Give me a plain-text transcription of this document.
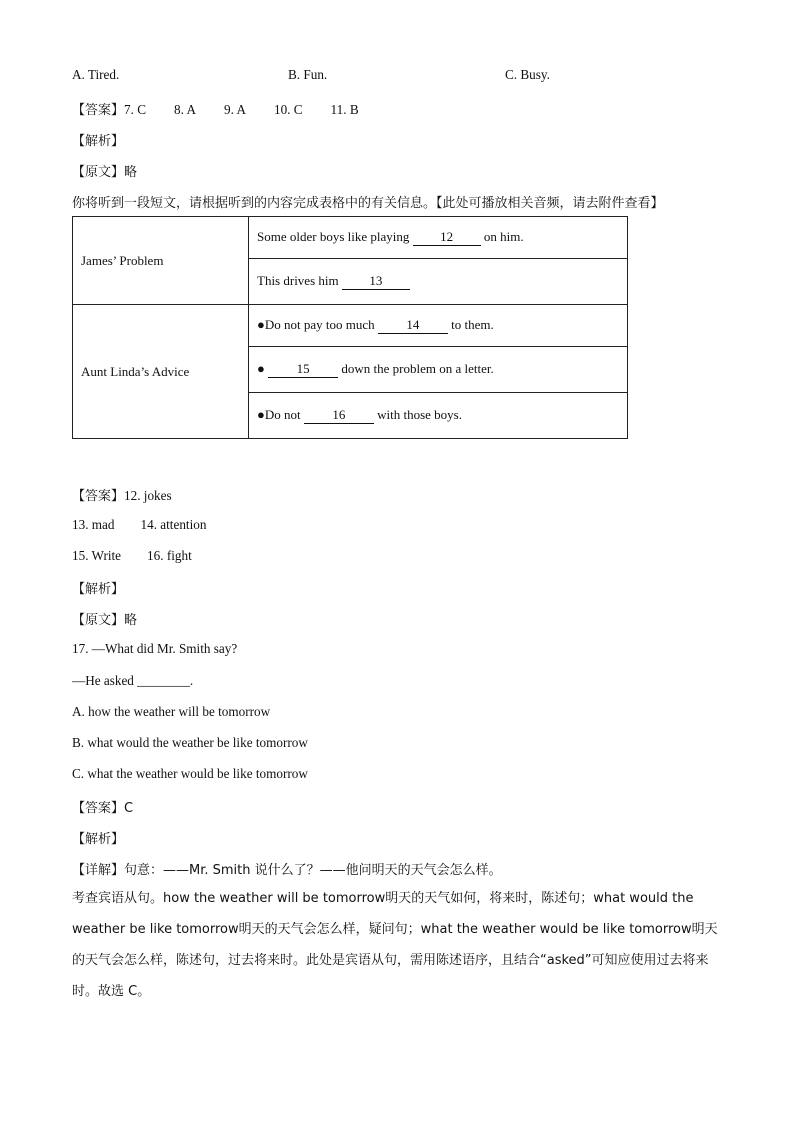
A. Tired.	B. Fun.	C. Busy.
【答案】7. C 8. A 9. A 10. C 11. B
【解析】
【原文】略
你将听到一段短文，请根据听到的内容完成表格中的有关信息。【此处可播放相关音频，请去附件查看】
James’ Problem	Some older boys like playing 12 on him.
	This drives him 13
Aunt Linda’s Advice	●Do not pay too much 14 to them.
	● 15 down the problem on a letter.
	●Do not 16 with those boys.
【答案】12. jokes
13. mad 14. attention
15. Write 16. fight
【解析】
【原文】略
17. —What did Mr. Smith say?
—He asked ________.
A. how the weather will be tomorrow
B. what would the weather be like tomorrow
C. what the weather would be like tomorrow
【答案】C
【解析】
【详解】句意：——Mr. Smith 说什么了？——他问明天的天气会怎么样。
考查宾语从句。how the weather will be tomorrow明天的天气如何，将来时，陈述句；what would the weather be like tomorrow明天的天气会怎么样，疑问句；what the weather would be like tomorrow明天的天气会怎么样，陈述句，过去将来时。此处是宾语从句，需用陈述语序，且结合“asked”可知应使用过去将来时。故选 C。
